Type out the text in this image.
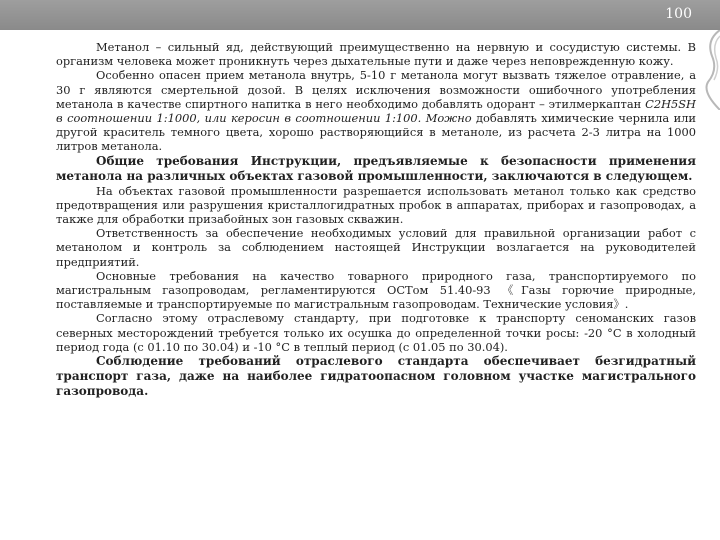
100

Метанол – сильный яд, действующий преимущественно на нервную и сосудистую системы. В организм человека может проникнуть через дыхательные пути и даже через неповрежденную кожу.

Особенно опасен прием метанола внутрь, 5-10 г метанола могут вызвать тяжелое отравление, а 30 г являются смертельной дозой. В целях исключения возможности ошибочного употребления метанола в качестве спиртного напитка в него необходимо добавлять одорант – этилмеркаптан С2Н5SН в соотношении 1:1000, или керосин в соотношении 1:100. Можно добавлять химические чернила или другой краситель темного цвета, хорошо растворяющийся в метаноле, из расчета 2-3 литра на 1000 литров метанола.

Общие требования Инструкции, предъявляемые к безопасности применения метанола на различных объектах газовой промышленности, заключаются в следующем.

На объектах газовой промышленности разрешается использовать метанол только как средство предотвращения или разрушения кристаллогидратных пробок в аппаратах, приборах и газопроводах, а также для обработки призабойных зон газовых скважин.

Ответственность за обеспечение необходимых условий для правильной организации работ с метанолом и контроль за соблюдением настоящей Инструкции возлагается на руководителей предприятий.

Основные требования на качество товарного природного газа, транспортируемого по магистральным газопроводам, регламентируются ОСТом 51.40-93 《Газы горючие природные, поставляемые и транспортируемые по магистральным газопроводам. Технические условия》.

Согласно этому отраслевому стандарту, при подготовке к транспорту сеноманских газов северных месторождений требуется только их осушка до определенной точки росы: -20 °С в холодный период года (с 01.10 по 30.04) и -10 °С в теплый период (с 01.05 по 30.04).

Соблюдение требований отраслевого стандарта обеспечивает безгидратный транспорт газа, даже на наиболее гидратоопасном головном участке магистрального газопровода.
